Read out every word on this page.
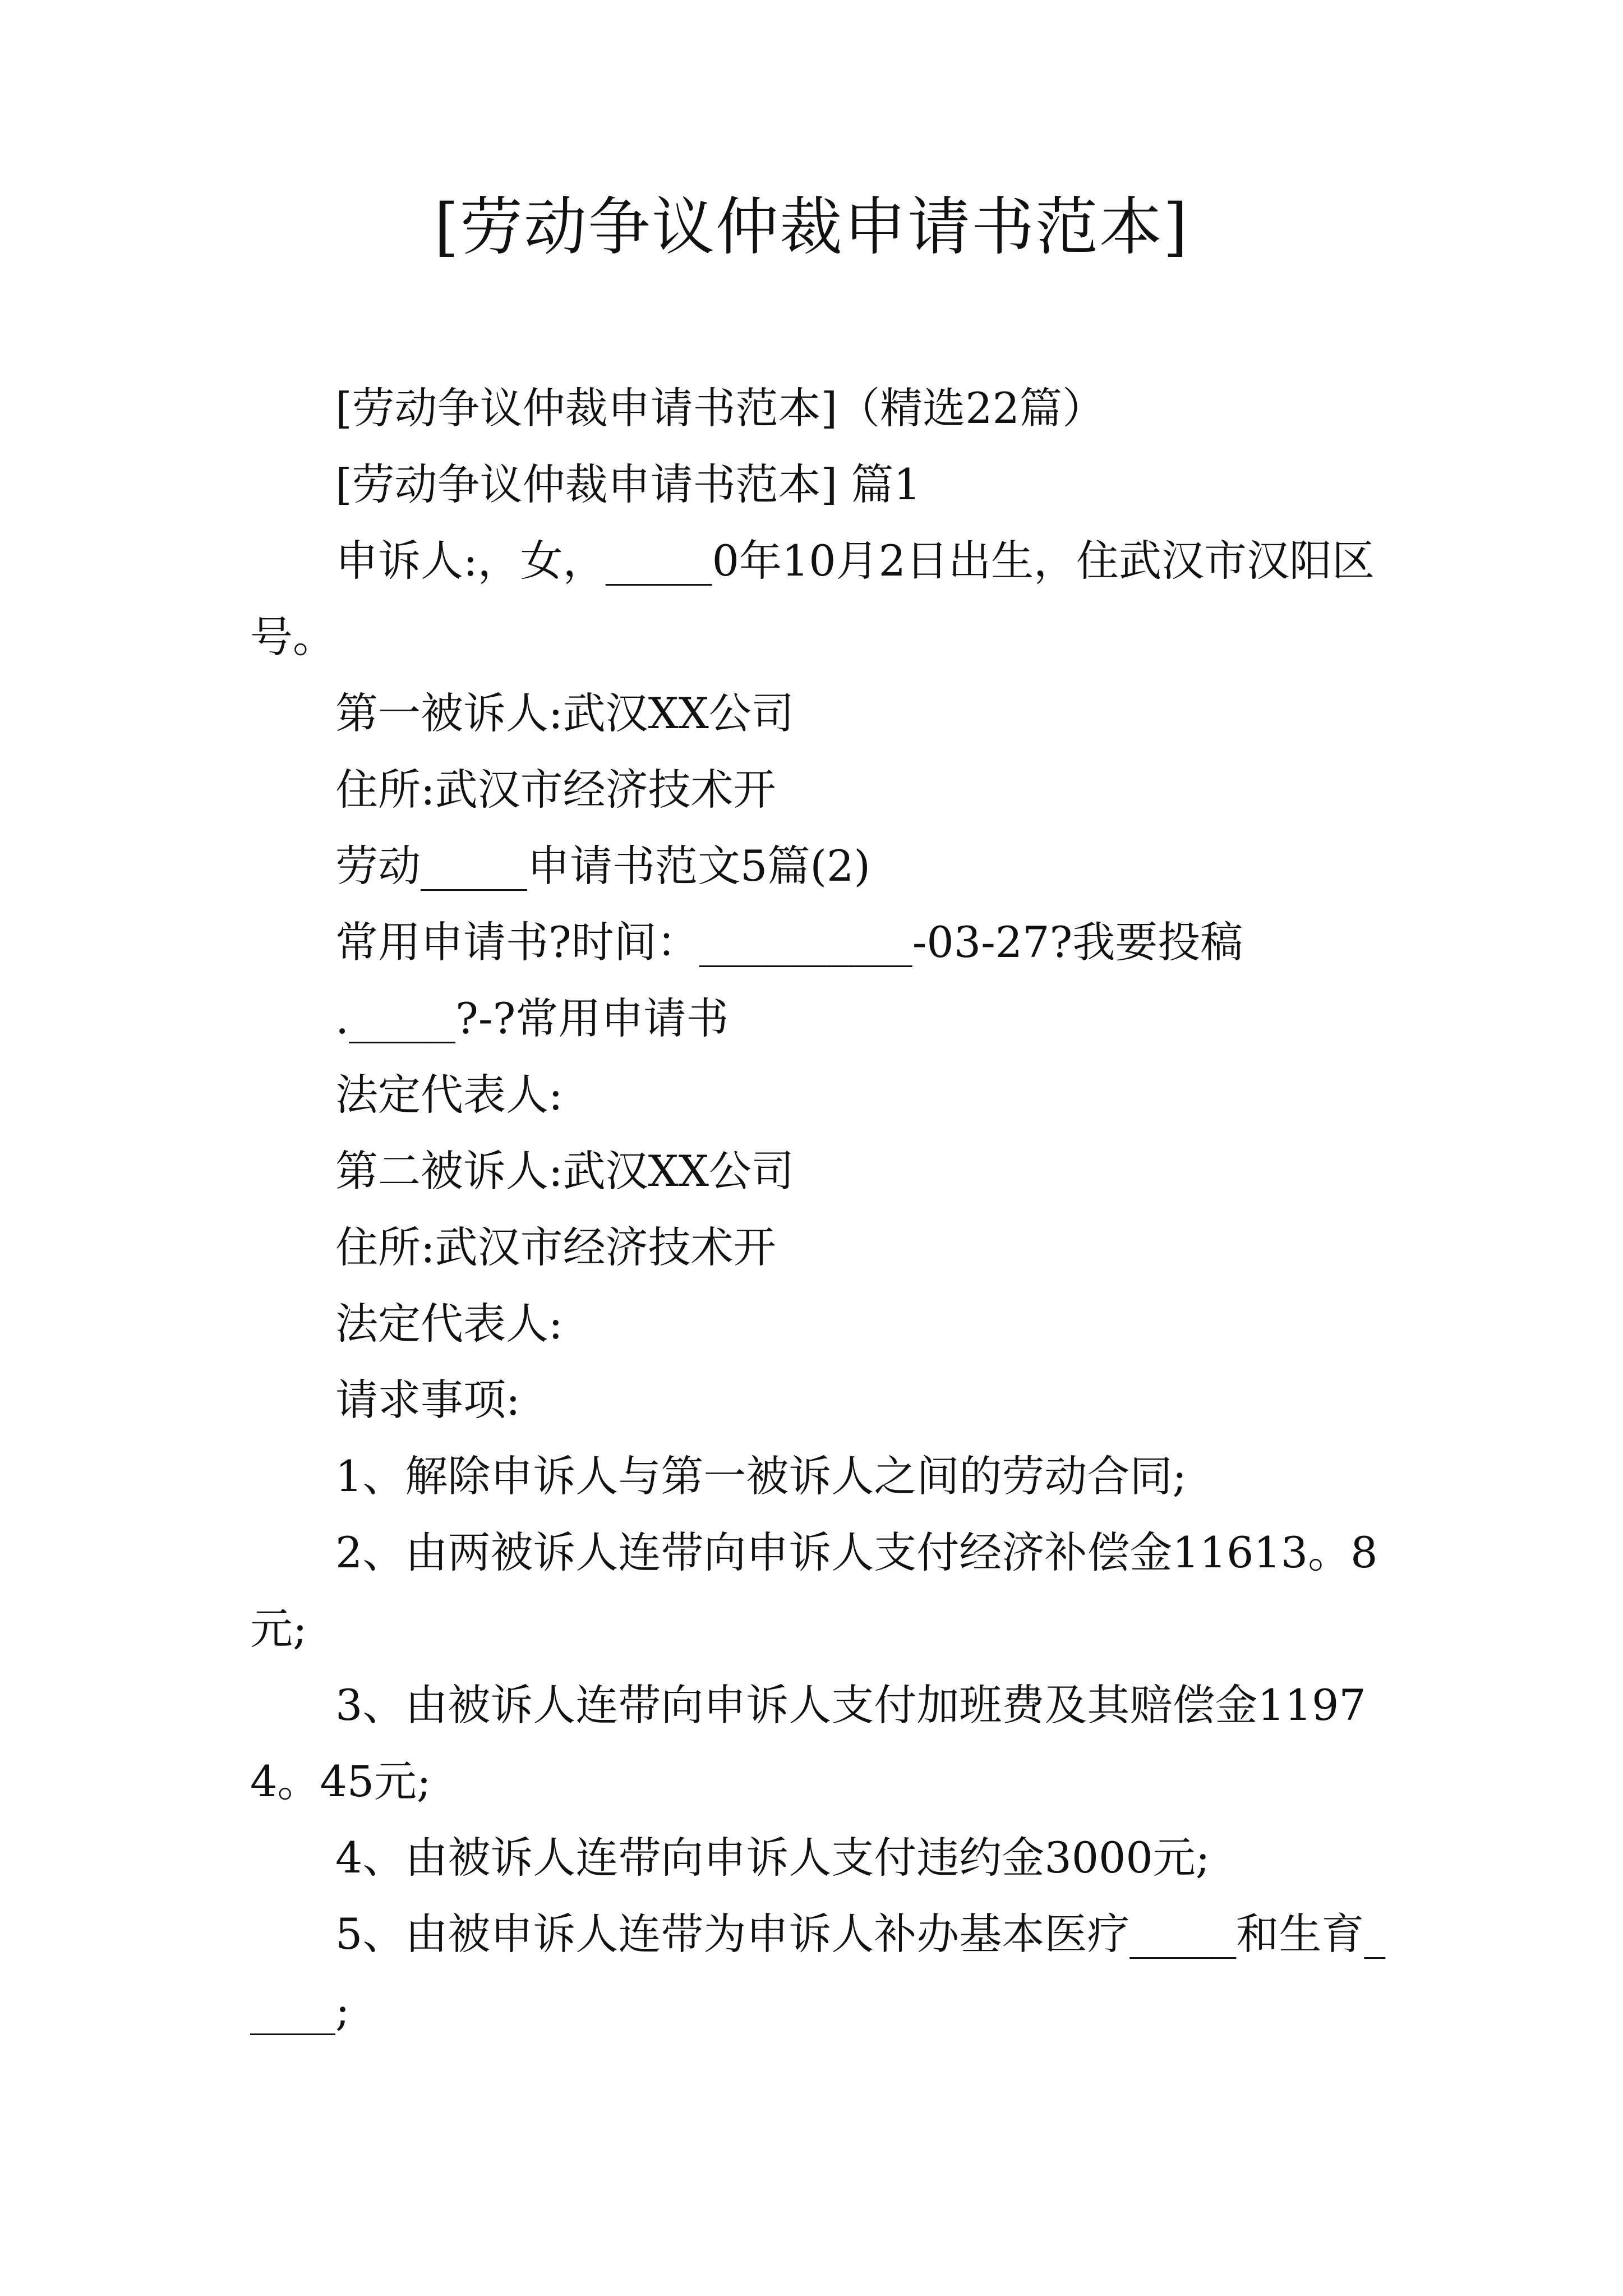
[劳动争议仲裁申请书范本]

[劳动争议仲裁申请书范本]（精选22篇）

[劳动争议仲裁申请书范本] 篇1

申诉人:，女，_____0年10月2日出生，住武汉市汉阳区号。

第一被诉人:武汉XX公司

住所:武汉市经济技术开

劳动_____申请书范文5篇(2)

常用申请书?时间：__________-03-27?我要投稿

._____?-?常用申请书

法定代表人:

第二被诉人:武汉XX公司

住所:武汉市经济技术开

法定代表人:

请求事项:

1、解除申诉人与第一被诉人之间的劳动合同;

2、由两被诉人连带向申诉人支付经济补偿金11613。8元;

3、由被诉人连带向申诉人支付加班费及其赔偿金11974。45元;

4、由被诉人连带向申诉人支付违约金3000元;

5、由被申诉人连带为申诉人补办基本医疗_____和生育_____;
